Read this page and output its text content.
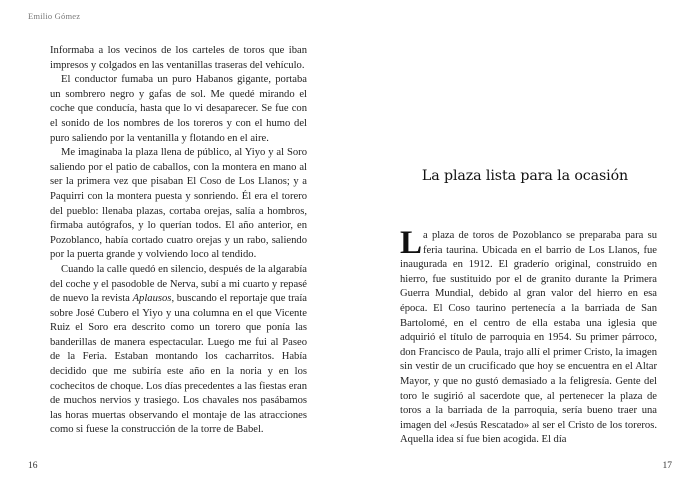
Emilio Gómez

Informaba a los vecinos de los carteles de toros que iban impresos y colgados en las ventanillas traseras del vehículo.

El conductor fumaba un puro Habanos gigante, portaba un sombrero negro y gafas de sol. Me quedé mirando el coche que conducía, hasta que lo vi desaparecer. Se fue con el sonido de los nombres de los toreros y con el humo del puro saliendo por la ventanilla y flotando en el aire.

Me imaginaba la plaza llena de público, al Yiyo y al Soro saliendo por el patio de caballos, con la montera en mano al ser la primera vez que pisaban El Coso de Los Llanos; y a Paquirri con la montera puesta y sonriendo. Él era el torero del pueblo: llenaba plazas, cortaba orejas, salía a hombros, firmaba autógrafos, y lo querían todos. El año anterior, en Pozoblanco, había cortado cuatro orejas y un rabo, saliendo por la puerta grande y volviendo loco al tendido.

Cuando la calle quedó en silencio, después de la algarabía del coche y el pasodoble de Nerva, subí a mi cuarto y repasé de nuevo la revista Aplausos, buscando el reportaje que traía sobre José Cubero el Yiyo y una columna en el que Vicente Ruiz el Soro era descrito como un torero que ponía las banderillas de manera espectacular. Luego me fui al Paseo de la Feria. Estaban montando los cacharritos. Había decidido que me subiría este año en la noria y en los cochecitos de choque. Los días precedentes a las fiestas eran de muchos nervios y trasiego. Los chavales nos pasábamos las horas muertas observando el montaje de las atracciones como si fuese la construcción de la torre de Babel.

16
La plaza lista para la ocasión

La plaza de toros de Pozoblanco se preparaba para su feria taurina. Ubicada en el barrio de Los Llanos, fue inaugurada en 1912. El graderío original, construido en hierro, fue sustituido por el de granito durante la Primera Guerra Mundial, debido al gran valor del hierro en esa época. El Coso taurino pertenecía a la barriada de San Bartolomé, en el centro de ella estaba una iglesia que adquirió el título de parroquia en 1954. Su primer párroco, don Francisco de Paula, trajo allí el primer Cristo, la imagen sin vestir de un crucificado que hoy se encuentra en el Altar Mayor, y que no gustó demasiado a la feligresía. Gente del toro le sugirió al sacerdote que, al pertenecer la plaza de toros a la barriada de la parroquia, sería bueno traer una imagen del «Jesús Rescatado» al ser el Cristo de los toreros. Aquella idea sí fue bien acogida. El día

17
